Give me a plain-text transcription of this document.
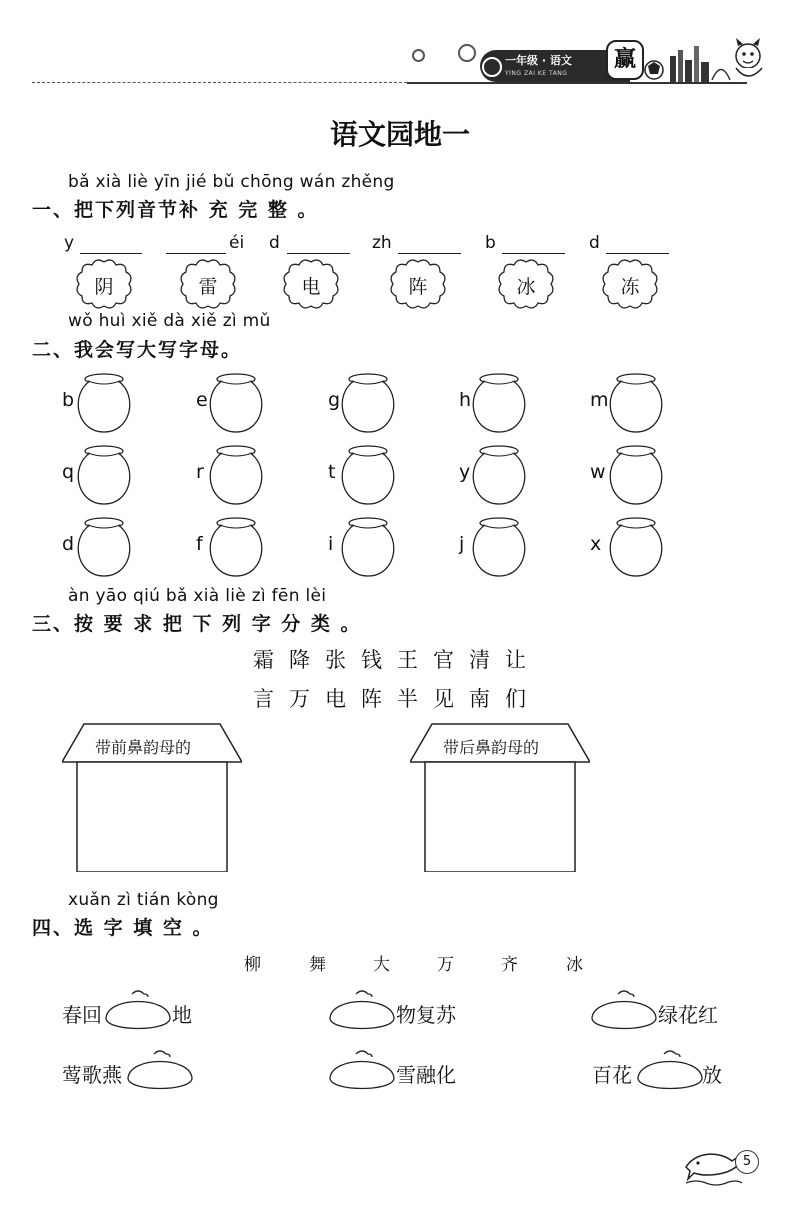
一年级 · 语文
YING ZAI KE TANG
赢
语文园地一
bǎ xià liè yīn jié bǔ chōng wán zhěng
一、把下列音节补 充 完 整 。
y	éi d	zh	b	d
阴	雷	电	阵	冰	冻
wǒ huì xiě dà xiě zì mǔ
二、我会写大写字母。
b	e	g	h	m
q	r	t	y	w
d	f	i	j	x
àn yāo qiú bǎ xià liè zì fēn lèi
三、按 要 求 把 下 列 字 分 类 。
霜降张钱王官清让
言万电阵半见南们
带前鼻韵母的	带后鼻韵母的
xuǎn zì tián kòng
四、选 字 填 空 。
柳	舞	大	万	齐	冰
春回	地	物复苏	绿花红
莺歌燕	雪融化	百花	放
5
